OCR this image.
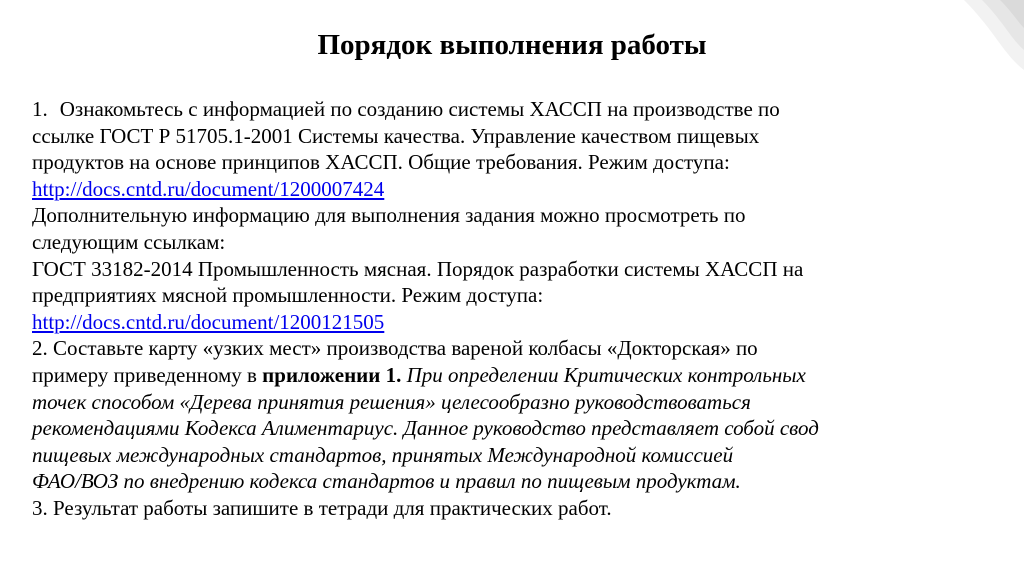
Порядок выполнения работы
1. Ознакомьтесь с информацией по созданию системы ХАССП на производстве по
ссылке ГОСТ Р 51705.1-2001 Системы качества. Управление качеством пищевых
продуктов на основе принципов ХАССП. Общие требования. Режим доступа:
http://docs.cntd.ru/document/1200007424
Дополнительную информацию для выполнения задания можно просмотреть по
следующим ссылкам:
ГОСТ 33182-2014 Промышленность мясная. Порядок разработки системы ХАССП на
предприятиях мясной промышленности. Режим доступа:
http://docs.cntd.ru/document/1200121505
2. Составьте карту «узких мест» производства вареной колбасы «Докторская» по
примеру приведенному в приложении 1. При определении Критических контрольных
точек способом «Дерева принятия решения» целесообразно руководствоваться
рекомендациями Кодекса Алиментариус. Данное руководство представляет собой свод
пищевых международных стандартов, принятых Международной комиссией
ФАО/ВОЗ по внедрению кодекса стандартов и правил по пищевым продуктам.
3. Результат работы запишите в тетради для практических работ.
